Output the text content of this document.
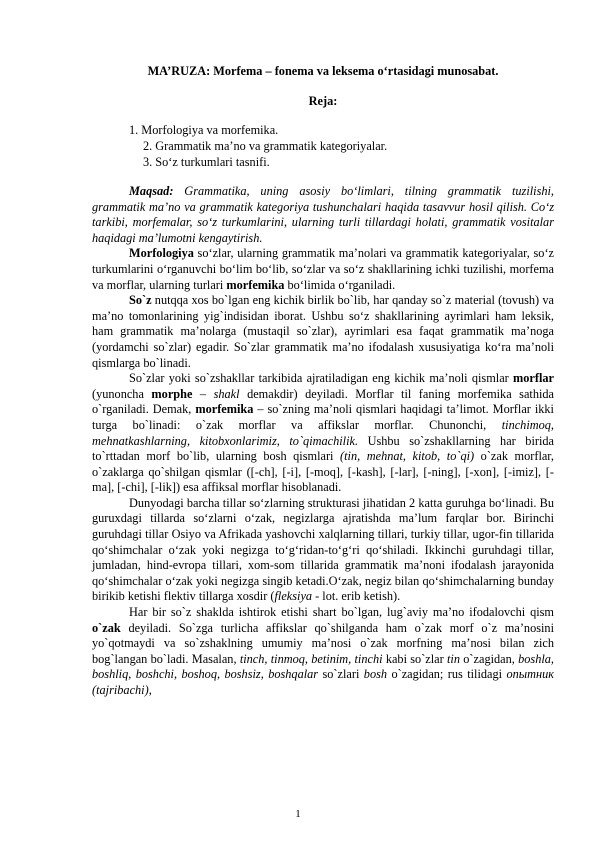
MA’RUZA: Morfema – fonema va leksema o‘rtasidagi munosabat.
Reja:
1. Morfologiya va morfemika.
2. Grammatik ma’no va grammatik kategoriyalar.
3. So‘z turkumlari tasnifi.

Maqsad: Grammatika, uning asosiy bo‘limlari, tilning grammatik tuzilishi, grammatik ma’no va grammatik kategoriya tushunchalari haqida tasavvur hosil qilish. Co‘z tarkibi, morfemalar, so‘z turkumlarini, ularning turli tillardagi holati, grammatik vositalar haqidagi ma’lumotni kengaytirish.

Morfologiya so‘zlar, ularning grammatik ma’nolari va grammatik kategoriyalar, so‘z turkumlarini o‘rganuvchi bo‘lim bo‘lib, so‘zlar va so‘z shakllarining ichki tuzilishi, morfema va morflar, ularning turlari morfemika bo‘limida o‘rganiladi.

So`z nutqqa xos bo`lgan eng kichik birlik bo`lib, har qanday so`z material (tovush) va ma’no tomonlarining yig`indisidan iborat. Ushbu so‘z shakllarining ayrimlari ham leksik, ham grammatik ma’nolarga (mustaqil so`zlar), ayrimlari esa faqat grammatik ma’noga (yordamchi so`zlar) egadir. So`zlar grammatik ma’no ifodalash xususiyatiga ko‘ra ma’noli qismlarga bo`linadi.

So`zlar yoki so`zshakllar tarkibida ajratiladigan eng kichik ma’noli qismlar morflar (yunoncha morphe – shakl demakdir) deyiladi. Morflar til faning morfemika sathida o`rganiladi. Demak, morfemika – so`zning ma’noli qismlari haqidagi ta’limot. Morflar ikki turga bo`linadi: o`zak morflar va affikslar morflar. Chunonchi, tinchimoq, mehnatkashlarning, kitobxonlarimiz, to`qimachilik. Ushbu so`zshakllarning har birida to`rttadan morf bo`lib, ularning bosh qismlari (tin, mehnat, kitob, to`qi) o`zak morflar, o`zaklarga qo`shilgan qismlar ([-ch], [-i], [-moq], [-kash], [-lar], [-ning], [-xon], [-imiz], [-ma], [-chi], [-lik]) esa affiksal morflar hisoblanadi.

Dunyodagi barcha tillar so‘zlarning strukturasi jihatidan 2 katta guruhga bo‘linadi. Bu guruxdagi tillarda so‘zlarni o‘zak, negizlarga ajratishda ma’lum farqlar bor. Birinchi guruhdagi tillar Osiyo va Afrikada yashovchi xalqlarning tillari, turkiy tillar, ugor-fin tillarida qo‘shimchalar o‘zak yoki negizga to‘g‘ridan-to‘g‘ri qo‘shiladi. Ikkinchi guruhdagi tillar, jumladan, hind-evropa tillari, xom-som tillarida grammatik ma’noni ifodalash jarayonida qo‘shimchalar o‘zak yoki negizga singib ketadi.O‘zak, negiz bilan qo‘shimchalarning bunday birikib ketishi flektiv tillarga xosdir (fleksiya - lot. erib ketish).

Har bir so`z shaklda ishtirok etishi shart bo`lgan, lug`aviy ma’no ifodalovchi qism o`zak deyiladi. So`zga turlicha affikslar qo`shilganda ham o`zak morf o`z ma’nosini yo`qotmaydi va so`zshaklning umumiy ma’nosi o`zak morfning ma’nosi bilan zich bog`langan bo`ladi. Masalan, tinch, tinmoq, betinim, tinchi kabi so`zlar tin o`zagidan, boshla, boshliq, boshchi, boshoq, boshsiz, boshqalar so`zlari bosh o`zagidan; rus tilidagi опытник (tajribachi),

1
